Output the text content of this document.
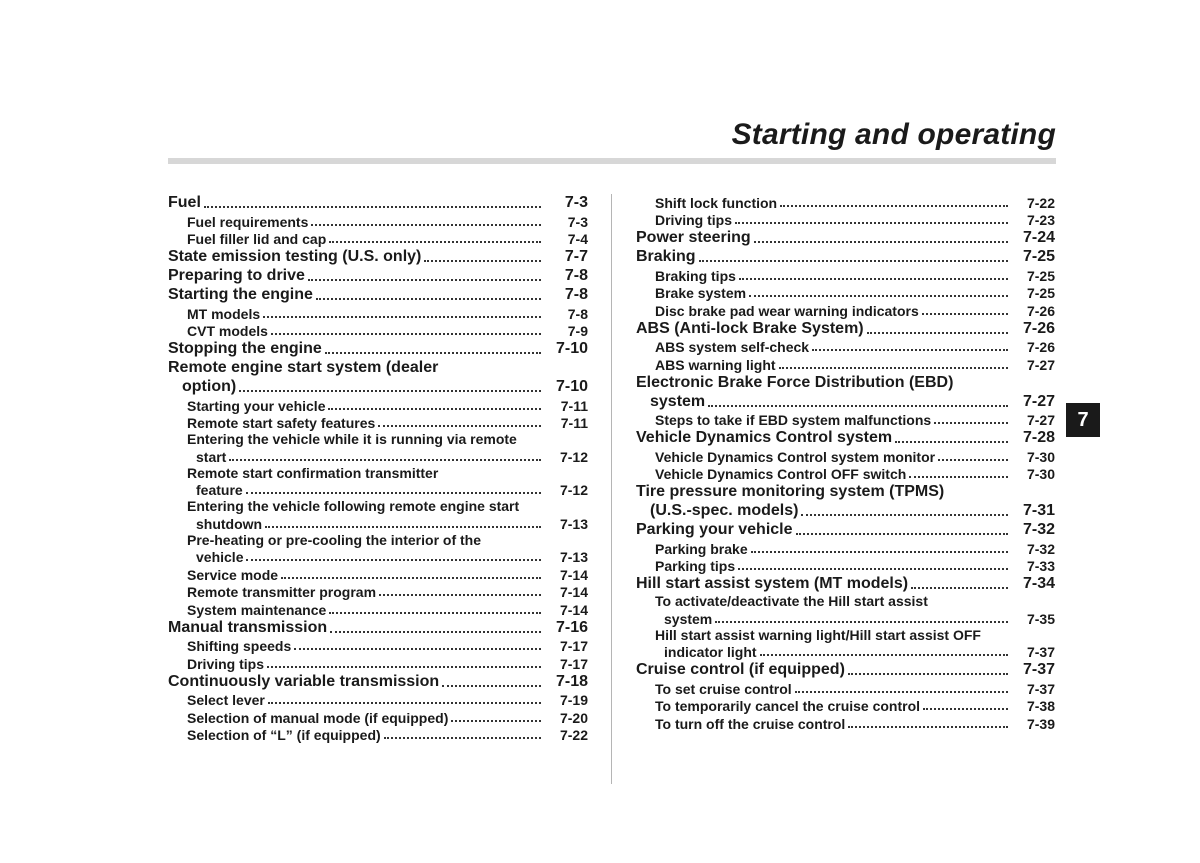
Starting and operating
Fuel	7-3
Fuel requirements	7-3
Fuel filler lid and cap	7-4
State emission testing (U.S. only)	7-7
Preparing to drive	7-8
Starting the engine	7-8
MT models	7-8
CVT models	7-9
Stopping the engine	7-10
Remote engine start system (dealer
option)	7-10
Starting your vehicle	7-11
Remote start safety features	7-11
Entering the vehicle while it is running via remote
start	7-12
Remote start confirmation transmitter
feature	7-12
Entering the vehicle following remote engine start
shutdown	7-13
Pre-heating or pre-cooling the interior of the
vehicle	7-13
Service mode	7-14
Remote transmitter program	7-14
System maintenance	7-14
Manual transmission	7-16
Shifting speeds	7-17
Driving tips	7-17
Continuously variable transmission	7-18
Select lever	7-19
Selection of manual mode (if equipped)	7-20
Selection of “L” (if equipped)	7-22
Shift lock function	7-22
Driving tips	7-23
Power steering	7-24
Braking	7-25
Braking tips	7-25
Brake system	7-25
Disc brake pad wear warning indicators	7-26
ABS (Anti-lock Brake System)	7-26
ABS system self-check	7-26
ABS warning light	7-27
Electronic Brake Force Distribution (EBD)
system	7-27
Steps to take if EBD system malfunctions	7-27
Vehicle Dynamics Control system	7-28
Vehicle Dynamics Control system monitor	7-30
Vehicle Dynamics Control OFF switch	7-30
Tire pressure monitoring system (TPMS)
(U.S.-spec. models)	7-31
Parking your vehicle	7-32
Parking brake	7-32
Parking tips	7-33
Hill start assist system (MT models)	7-34
To activate/deactivate the Hill start assist
system	7-35
Hill start assist warning light/Hill start assist OFF
indicator light	7-37
Cruise control (if equipped)	7-37
To set cruise control	7-37
To temporarily cancel the cruise control	7-38
To turn off the cruise control	7-39
7
